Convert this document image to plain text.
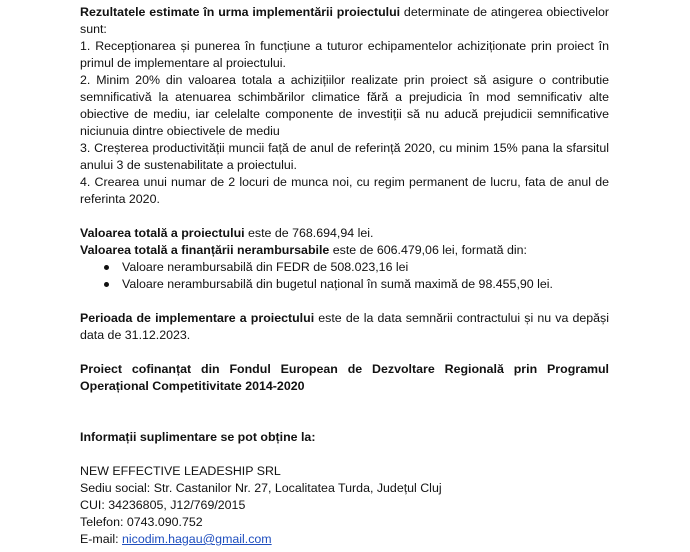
Rezultatele estimate în urma implementării proiectului determinate de atingerea obiectivelor sunt:

1. Recepționarea și punerea în funcțiune a tuturor echipamentelor achiziționate prin proiect în primul de implementare al proiectului.

2. Minim 20% din valoarea totala a achizițiilor realizate prin proiect să asigure o contributie semnificativă la atenuarea schimbărilor climatice fără a prejudicia în mod semnificativ alte obiective de mediu, iar celelalte componente de investiții să nu aducă prejudicii semnificative niciunuia dintre obiectivele de mediu

3. Creșterea productivității muncii față de anul de referință 2020, cu minim 15% pana la sfarsitul anului 3 de sustenabilitate a proiectului.

4. Crearea unui numar de 2 locuri de munca noi, cu regim permanent de lucru, fata de anul de referinta 2020.

Valoarea totală a proiectului este de 768.694,94 lei.

Valoarea totală a finanțării nerambursabile este de 606.479,06 lei, formată din:

Valoare nerambursabilă din FEDR de 508.023,16 lei
Valoare nerambursabilă din bugetul național în sumă maximă de 98.455,90 lei.

Perioada de implementare a proiectului este de la data semnării contractului și nu va depăși data de 31.12.2023.

Proiect cofinanțat din Fondul European de Dezvoltare Regională prin Programul Operațional Competitivitate 2014-2020

Informații suplimentare se pot obține la:

NEW EFFECTIVE LEADESHIP SRL

Sediu social: Str. Castanilor Nr. 27, Localitatea Turda, Județul Cluj

CUI: 34236805, J12/769/2015

Telefon: 0743.090.752

E-mail: nicodim.hagau@gmail.com
